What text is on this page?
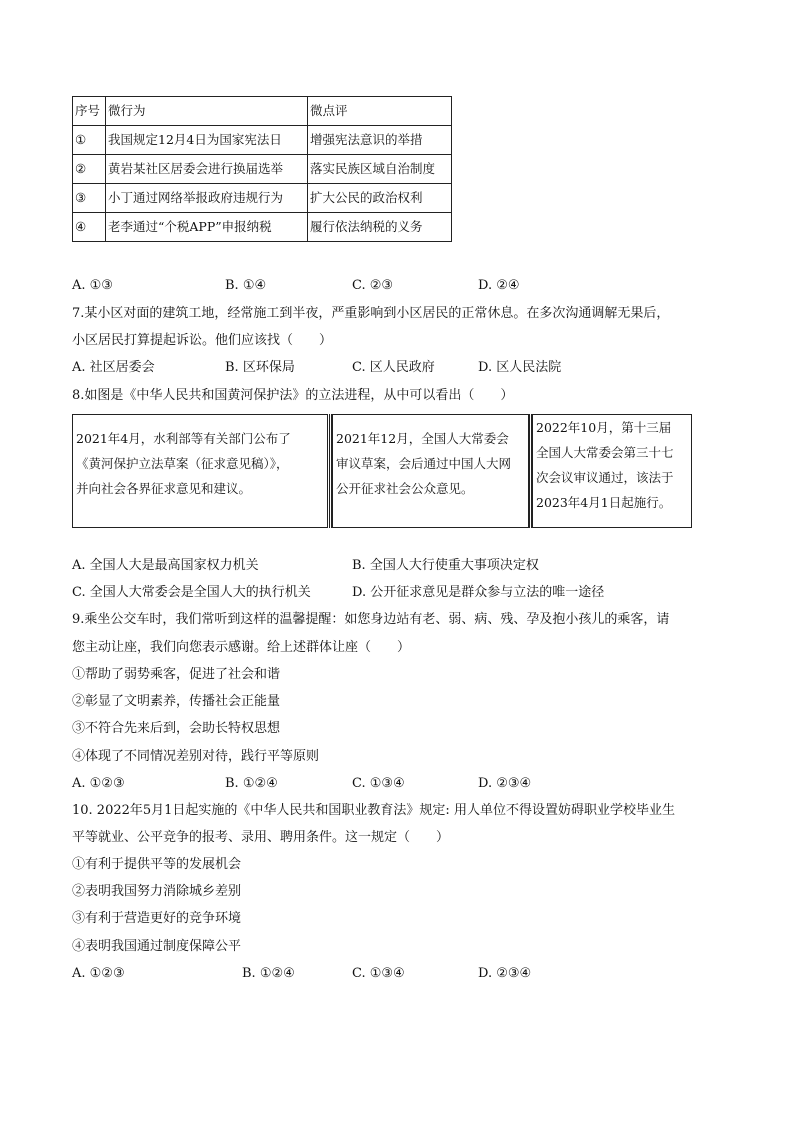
序号	微行为	微点评
①	我国规定12月4日为国家宪法日	增强宪法意识的举措
②	黄岩某社区居委会进行换届选举	落实民族区域自治制度
③	小丁通过网络举报政府违规行为	扩大公民的政治权利
④	老李通过“个税APP”申报纳税	履行依法纳税的义务
A. ①③	B. ①④	C. ②③	D. ②④
7.某小区对面的建筑工地，经常施工到半夜，严重影响到小区居民的正常休息。在多次沟通调解无果后，
小区居民打算提起诉讼。他们应该找（　　）
A. 社区居委会	B. 区环保局	C. 区人民政府	D. 区人民法院
8.如图是《中华人民共和国黄河保护法》的立法进程，从中可以看出（　　）
2021年4月，水利部等有关部门公布了
《黄河保护立法草案（征求意见稿）》，
并向社会各界征求意见和建议。
2021年12月，全国人大常委会
审议草案，会后通过中国人大网
公开征求社会公众意见。
2022年10月，第十三届
全国人大常委会第三十七
次会议审议通过，该法于
2023年4月1日起施行。
A. 全国人大是最高国家权力机关	B. 全国人大行使重大事项决定权
C. 全国人大常委会是全国人大的执行机关	D. 公开征求意见是群众参与立法的唯一途径
9.乘坐公交车时，我们常听到这样的温馨提醒：如您身边站有老、弱、病、残、孕及抱小孩儿的乘客，请
您主动让座，我们向您表示感谢。给上述群体让座（　　）
①帮助了弱势乘客，促进了社会和谐
②彰显了文明素养，传播社会正能量
③不符合先来后到，会助长特权思想
④体现了不同情况差别对待，践行平等原则
A. ①②③	B. ①②④	C. ①③④	D. ②③④
10. 2022年5月1日起实施的《中华人民共和国职业教育法》规定: 用人单位不得设置妨碍职业学校毕业生
平等就业、公平竞争的报考、录用、聘用条件。这一规定（　　）
①有利于提供平等的发展机会
②表明我国努力消除城乡差别
③有利于营造更好的竞争环境
④表明我国通过制度保障公平
A. ①②③	B. ①②④	C. ①③④	D. ②③④
